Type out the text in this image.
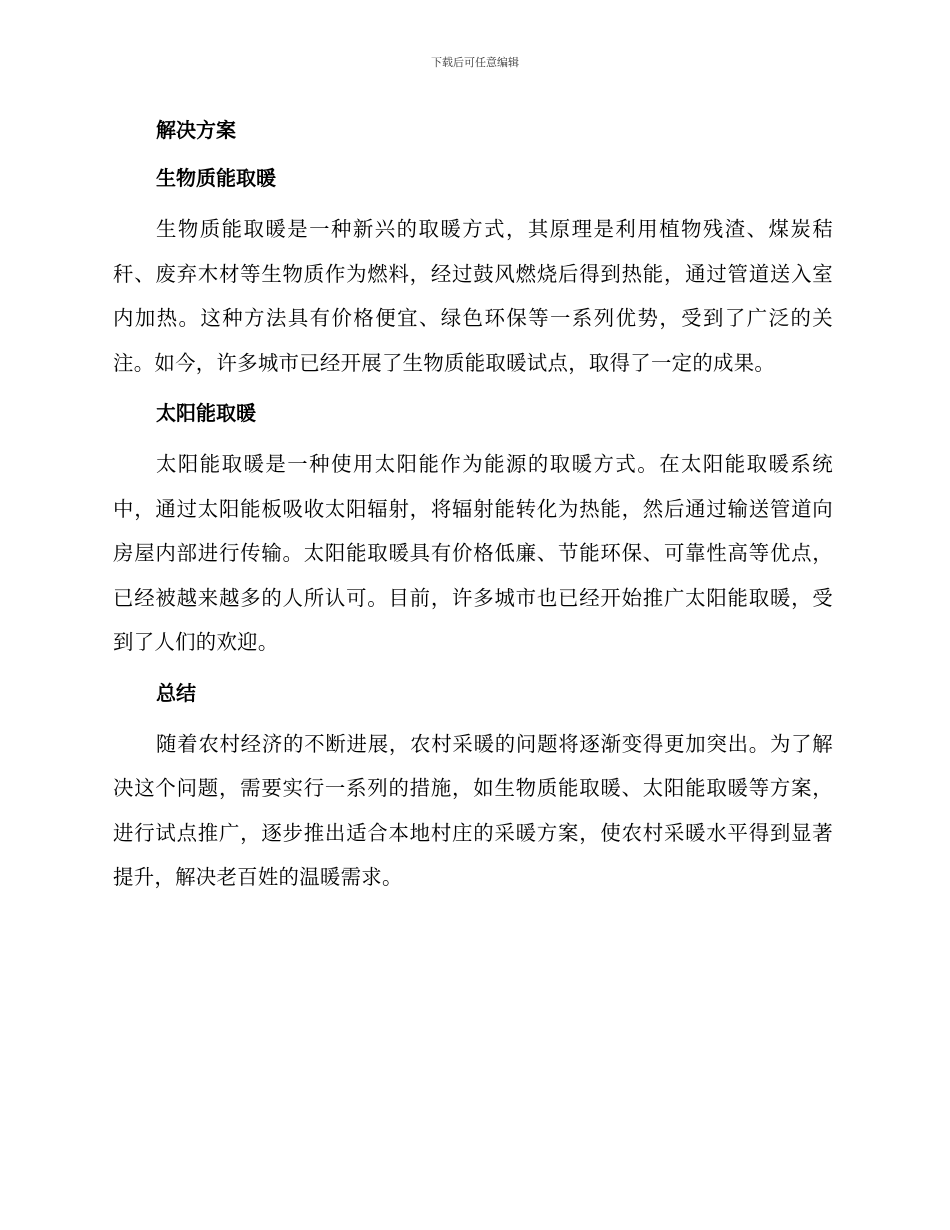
下载后可任意编辑
解决方案
生物质能取暖

生物质能取暖是一种新兴的取暖方式，其原理是利用植物残渣、煤炭秸秆、废弃木材等生物质作为燃料，经过鼓风燃烧后得到热能，通过管道送入室内加热。这种方法具有价格便宜、绿色环保等一系列优势，受到了广泛的关注。如今，许多城市已经开展了生物质能取暖试点，取得了一定的成果。

太阳能取暖

太阳能取暖是一种使用太阳能作为能源的取暖方式。在太阳能取暖系统中，通过太阳能板吸收太阳辐射，将辐射能转化为热能，然后通过输送管道向房屋内部进行传输。太阳能取暖具有价格低廉、节能环保、可靠性高等优点，已经被越来越多的人所认可。目前，许多城市也已经开始推广太阳能取暖，受到了人们的欢迎。

总结

随着农村经济的不断进展，农村采暖的问题将逐渐变得更加突出。为了解决这个问题，需要实行一系列的措施，如生物质能取暖、太阳能取暖等方案，进行试点推广，逐步推出适合本地村庄的采暖方案，使农村采暖水平得到显著提升，解决老百姓的温暖需求。
